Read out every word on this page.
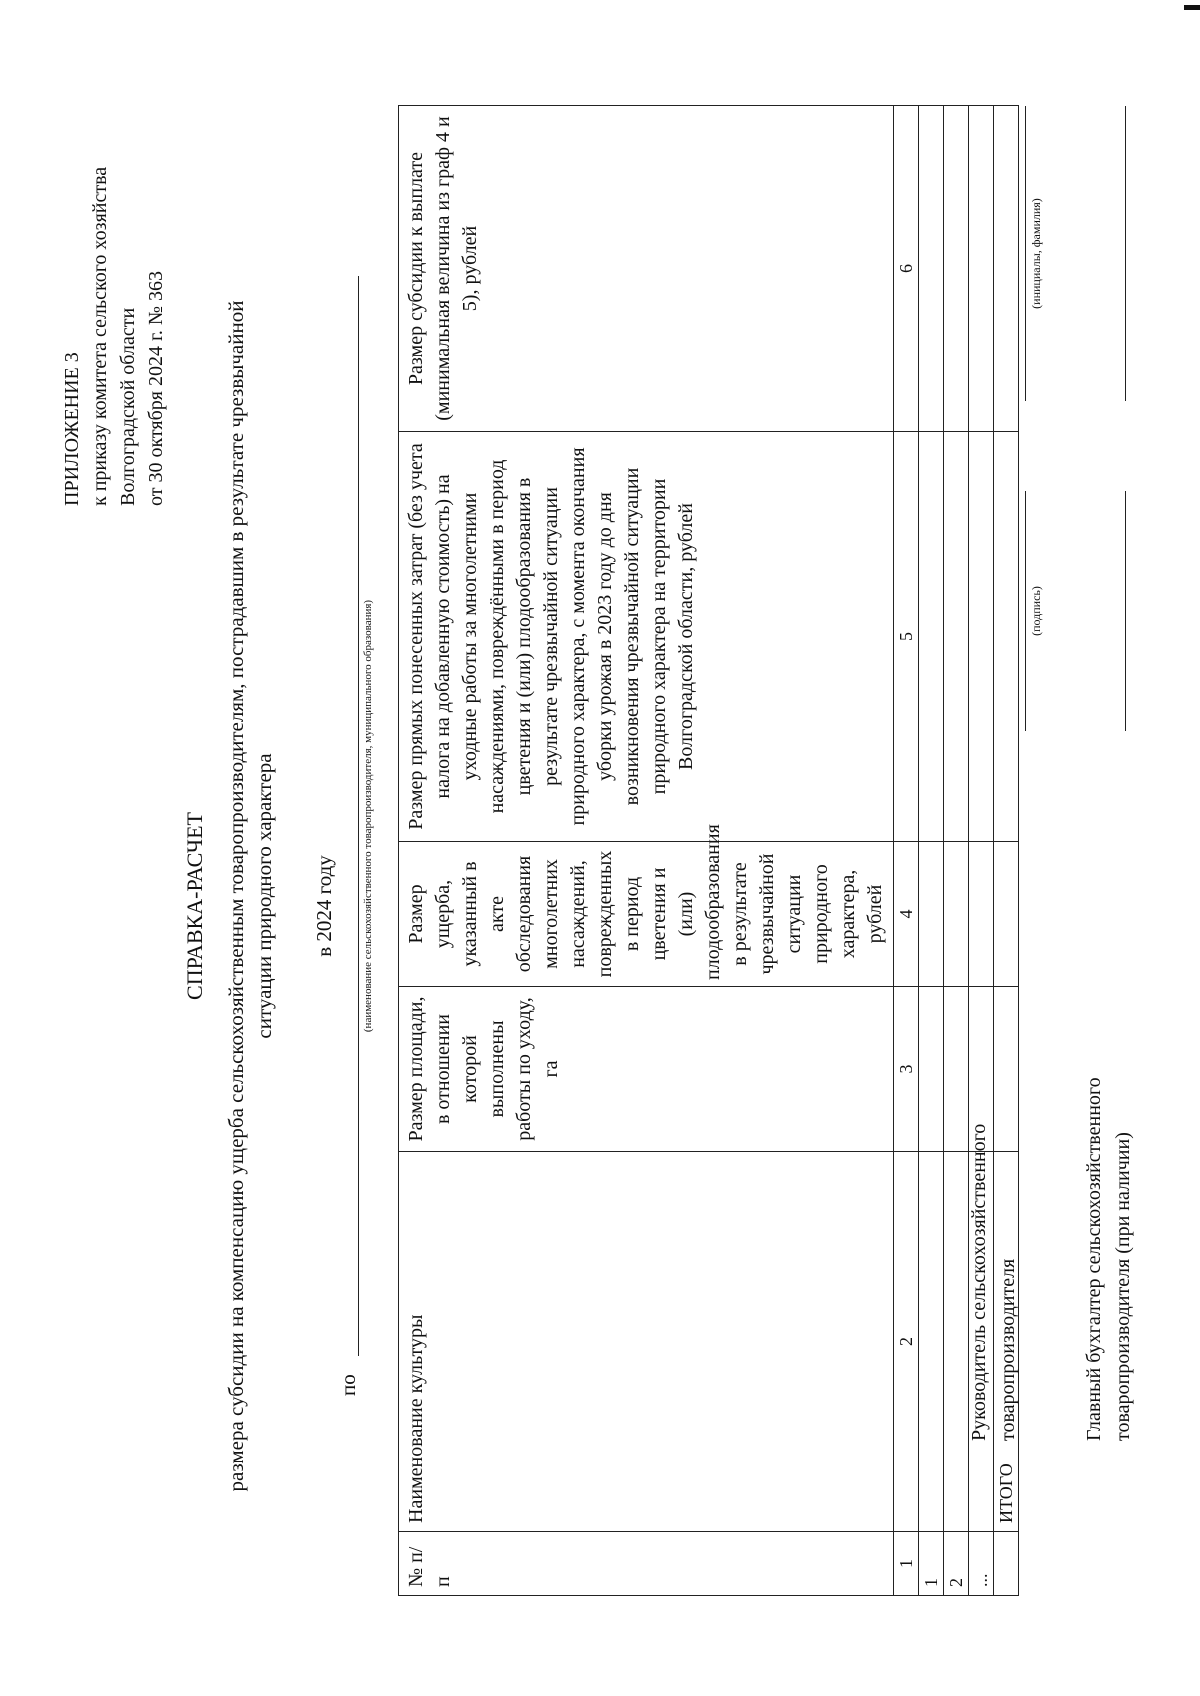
ПРИЛОЖЕНИЕ 3 к приказу комитета сельского хозяйства Волгоградской области от 30 октября 2024 г. № 363
СПРАВКА-РАСЧЕТ размера субсидии на компенсацию ущерба сельскохозяйственным товаропроизводителям, пострадавшим в результате чрезвычайной ситуации природного характера в 2024 году
по
(наименование сельскохозяйственного товаропроизводителя, муниципального образования)
№ п/п	Наименование культуры	Размер площади, в отношении которой выполнены работы по уходу, га	Размер ущерба, указанный в акте обследования многолетних насаждений, поврежденных в период цветения и (или) плодообразования в результате чрезвычайной ситуации природного характера, рублей	Размер прямых понесенных затрат (без учета налога на добавленную стоимость) на уходные работы за многолетними насаждениями, повреждёнными в период цветения и (или) плодообразования в результате чрезвычайной ситуации природного характера, с момента окончания уборки урожая в 2023 году до дня возникновения чрезвычайной ситуации природного характера на территории Волгоградской области, рублей	Размер субсидии к выплате (минимальная величина из граф 4 и 5), рублей
1	2	3	4	5	6
1					
2					
...					
	ИТОГО				
Руководитель сельскохозяйственного товаропроизводителя
(подпись)
(инициалы, фамилия)
Главный бухгалтер сельскохозяйственного товаропроизводителя (при наличии)
